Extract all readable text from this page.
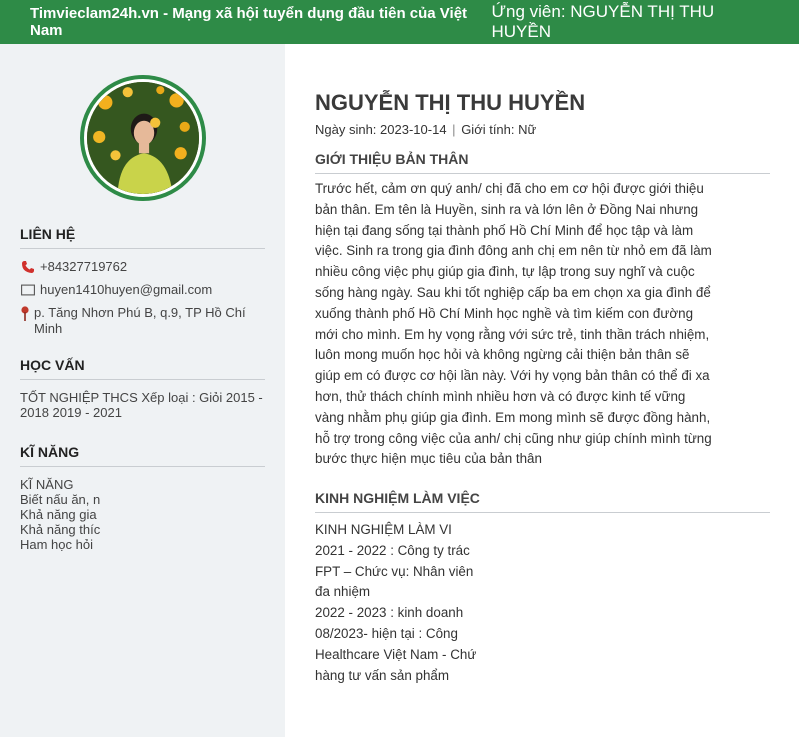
Timvieclam24h.vn - Mạng xã hội tuyển dụng đầu tiên của Việt Nam
Ứng viên: NGUYỄN THỊ THU HUYỀN
LIÊN HỆ
+84327719762
huyen1410huyen@gmail.com
p. Tăng Nhơn Phú B, q.9, TP Hồ Chí Minh
HỌC VẤN
TỐT NGHIỆP THCS Xếp loại : Giỏi 2015 - 2018 2019 - 2021
KĨ NĂNG
KĨ NĂNG
Biết nấu ăn, n
Khả năng gia
Khả năng thíc
Ham học hỏi
NGUYỄN THỊ THU HUYỀN
Ngày sinh: 2023-10-14 | Giới tính: Nữ
GIỚI THIỆU BẢN THÂN
Trước hết, cảm ơn quý anh/ chị đã cho em cơ hội được giới thiệu
bản thân. Em tên là Huyền, sinh ra và lớn lên ở Đồng Nai nhưng
hiện tại đang sống tại thành phố Hồ Chí Minh để học tập và làm
việc. Sinh ra trong gia đình đông anh chị em nên từ nhỏ em đã làm
nhiều công việc phụ giúp gia đình, tự lập trong suy nghĩ và cuộc
sống hàng ngày. Sau khi tốt nghiệp cấp ba em chọn xa gia đình để
xuống thành phố Hồ Chí Minh học nghề và tìm kiếm con đường
mới cho mình. Em hy vọng rằng với sức trẻ, tinh thần trách nhiệm,
luôn mong muốn học hỏi và không ngừng cải thiện bản thân sẽ
giúp em có được cơ hội lần này. Với hy vọng bản thân có thể đi xa
hơn, thử thách chính mình nhiều hơn và có được kinh tế vững
vàng nhằm phụ giúp gia đình. Em mong mình sẽ được đồng hành,
hỗ trợ trong công việc của anh/ chị cũng như giúp chính mình từng
bước thực hiện mục tiêu của bản thân
KINH NGHIỆM LÀM VIỆC
KINH NGHIỆM LÀM VI
2021 - 2022 : Công ty trác
FPT – Chức vụ: Nhân viên
đa nhiệm
2022 - 2023 : kinh doanh
08/2023- hiện tại : Công
Healthcare Việt Nam - Chứ
hàng tư vấn sản phẩm
